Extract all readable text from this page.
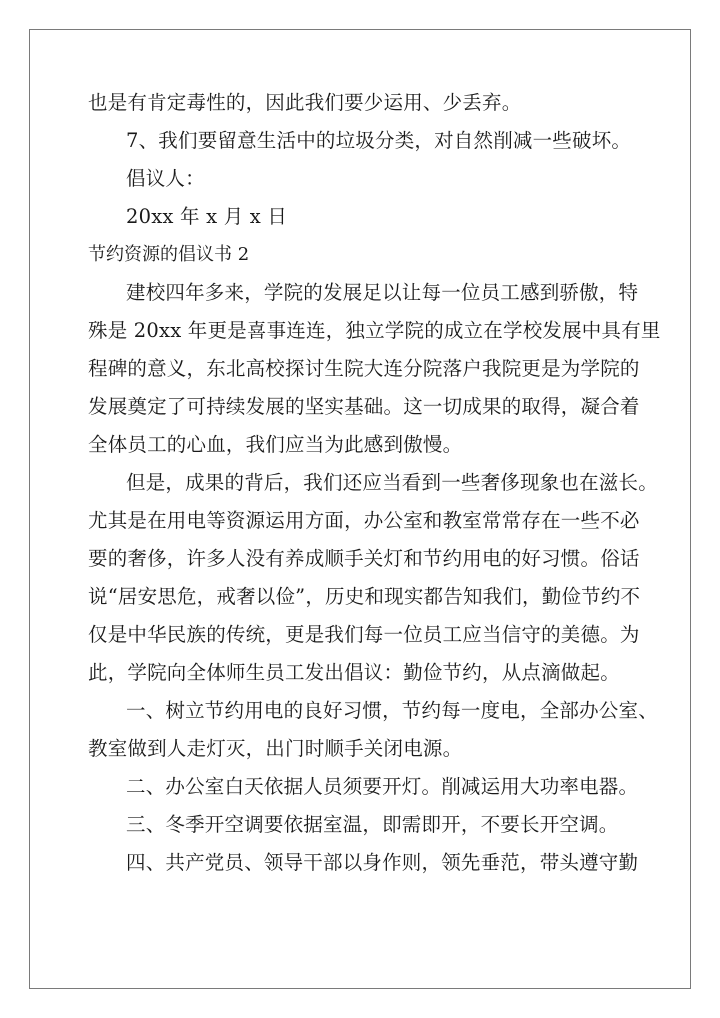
也是有肯定毒性的，因此我们要少运用、少丢弃。
7、我们要留意生活中的垃圾分类，对自然削减一些破坏。
倡议人：
20xx 年 x 月 x 日
节约资源的倡议书 2
建校四年多来，学院的发展足以让每一位员工感到骄傲，特
殊是 20xx 年更是喜事连连，独立学院的成立在学校发展中具有里
程碑的意义，东北高校探讨生院大连分院落户我院更是为学院的
发展奠定了可持续发展的坚实基础。这一切成果的取得，凝合着
全体员工的心血，我们应当为此感到傲慢。
但是，成果的背后，我们还应当看到一些奢侈现象也在滋长。
尤其是在用电等资源运用方面，办公室和教室常常存在一些不必
要的奢侈，许多人没有养成顺手关灯和节约用电的好习惯。俗话
说“居安思危，戒奢以俭”，历史和现实都告知我们，勤俭节约不
仅是中华民族的传统，更是我们每一位员工应当信守的美德。为
此，学院向全体师生员工发出倡议：勤俭节约，从点滴做起。
一、树立节约用电的良好习惯，节约每一度电，全部办公室、
教室做到人走灯灭，出门时顺手关闭电源。
二、办公室白天依据人员须要开灯。削减运用大功率电器。
三、冬季开空调要依据室温，即需即开，不要长开空调。
四、共产党员、领导干部以身作则，领先垂范，带头遵守勤
